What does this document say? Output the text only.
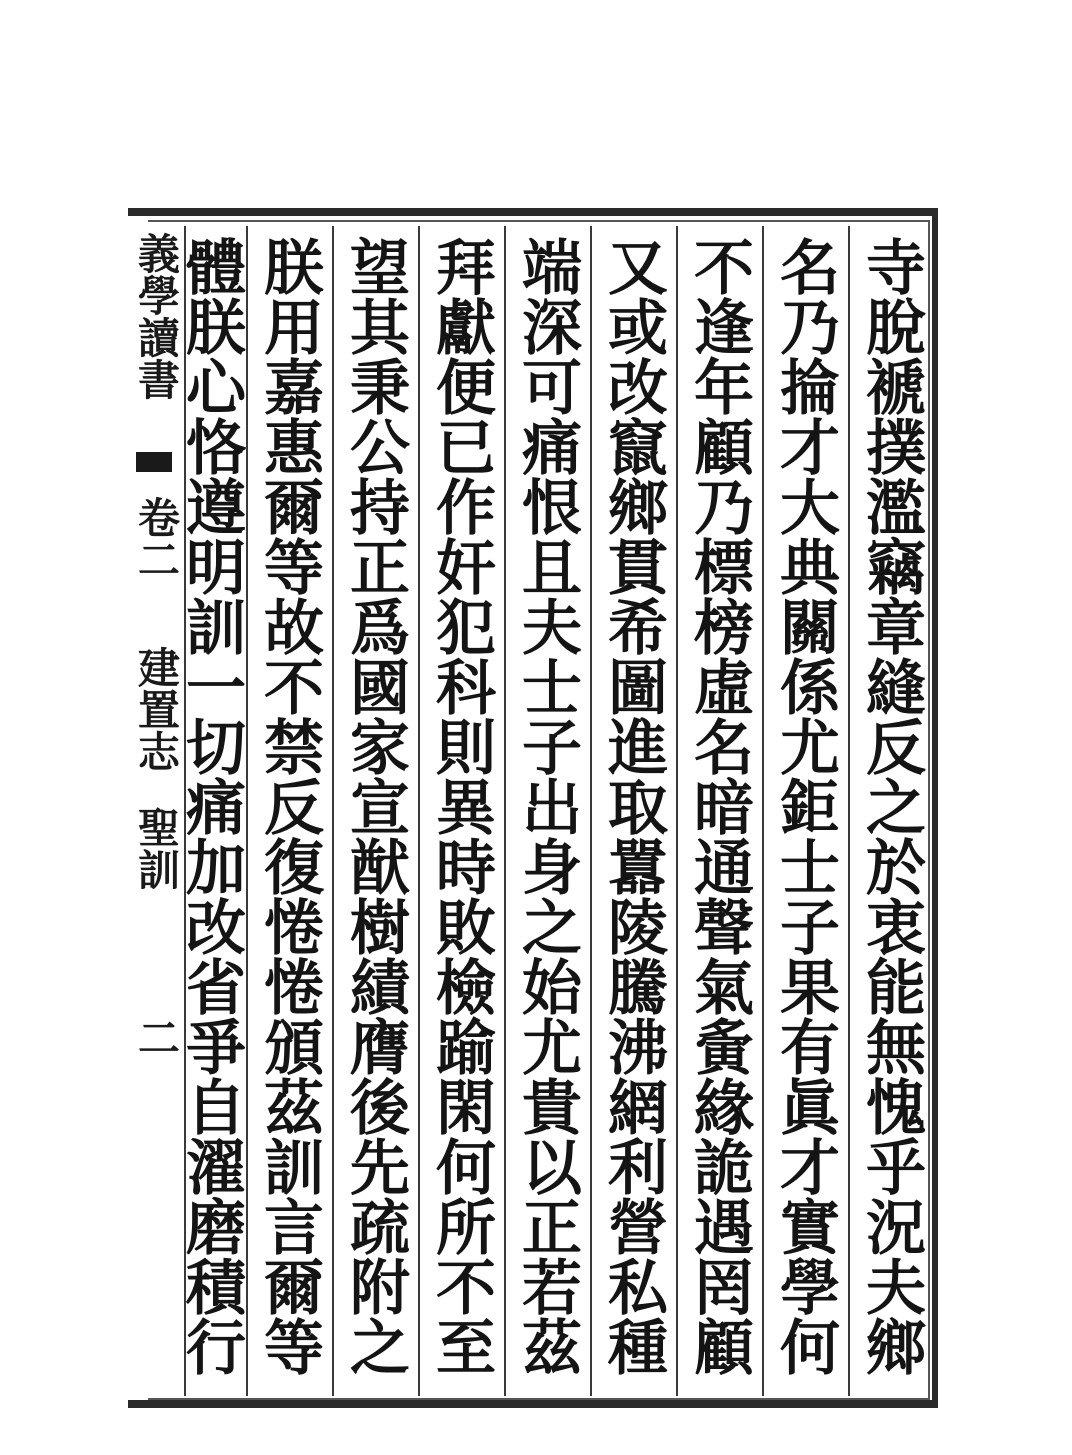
寺脫褫撲濫竊章縫反之於衷能無愧乎況夫鄉
名乃掄才大典關係尤鉅士子果有眞才實學何
不逢年顧乃標榜虛名暗通聲氣夤緣詭遇罔顧
又或改竄鄉貫希圖進取囂陵騰沸網利營私種
端深可痛恨且夫士子出身之始尤貴以正若茲
拜獻便已作奸犯科則異時敗檢踰閑何所不至
望其秉公持正爲國家宣猷樹績膺後先疏附之
朕用嘉惠爾等故不禁反復惓惓頒茲訓言爾等
體朕心恪遵明訓一切痛加改省爭自濯磨積行
義學讀書
卷二
建置志
聖訓
二
